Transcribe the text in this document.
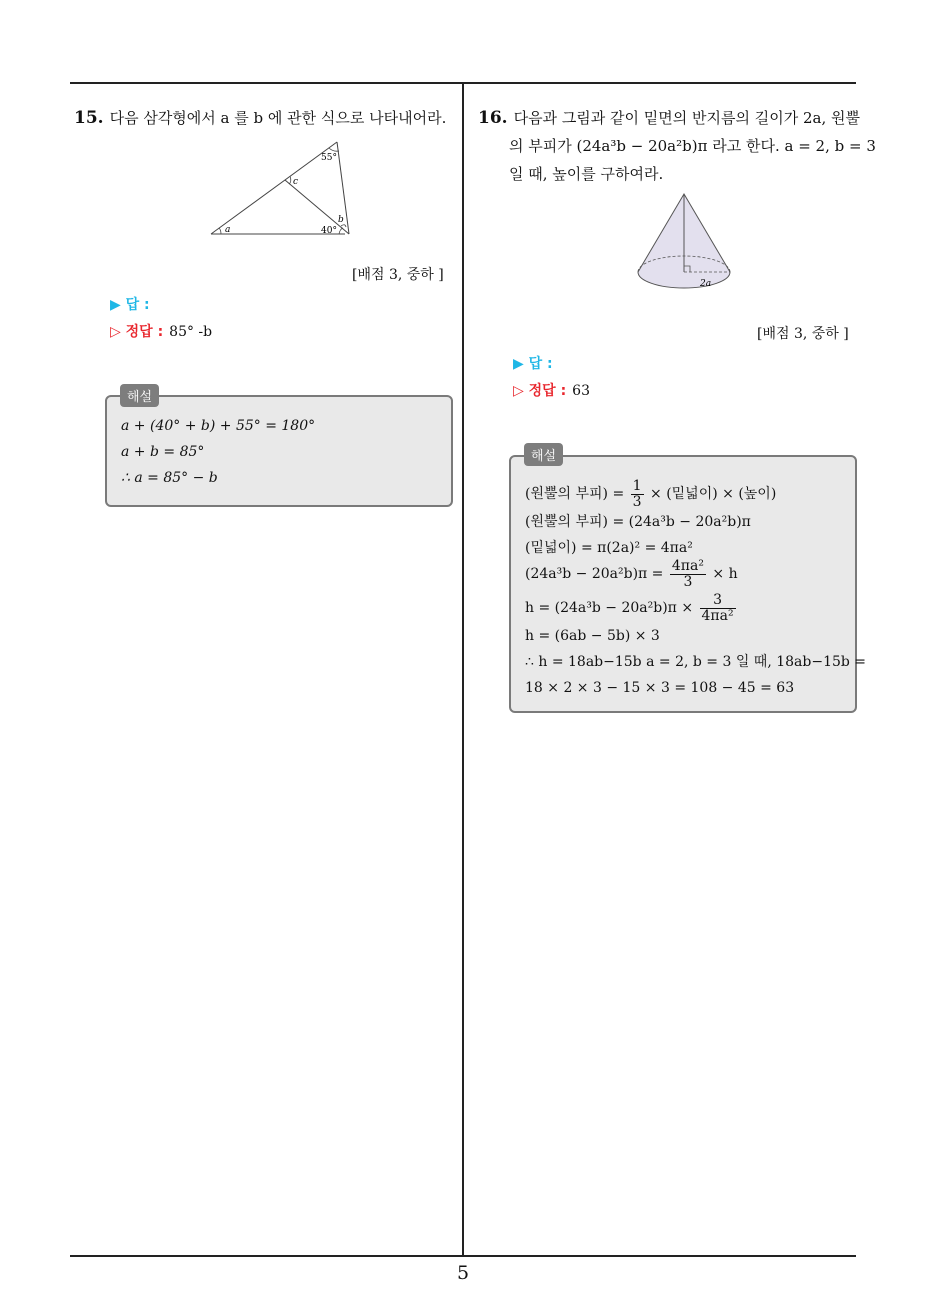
15. 다음 삼각형에서 a 를 b 에 관한 식으로 나타내어라.
55°
c
b
a	40°
[배점 3, 중하 ]
▶ 답 :
▷ 정답 : 85° -b
a + (40° + b) + 55° = 180°
a + b = 85°
∴ a = 85° − b
해설
16. 다음과 그림과 같이 밑면의 반지름의 길이가 2a, 원뿔
의 부피가 (24a³b − 20a²b)π 라고 한다. a = 2, b = 3
일 때, 높이를 구하여라.
2a
[배점 3, 중하 ]
▶ 답 :
▷ 정답 : 63
(원뿔의 부피) = $\frac{1}{3}$ × (밑넓이) × (높이)
(원뿔의 부피) = (24a³b − 20a²b)π
(밑넓이) = π(2a)² = 4πa²
$(24a^3b - 20a^2b)\pi = \frac{\text{4πa²}}{3} \times h$
$h = (24a^3b - 20a^2b)\pi \times \frac{3}{\text{4πa²}}$
h = (6ab − 5b) × 3
∴ h = 18ab−15b a = 2, b = 3 일 때, 18ab−15b =
18 × 2 × 3 − 15 × 3 = 108 − 45 = 63
해설
5
